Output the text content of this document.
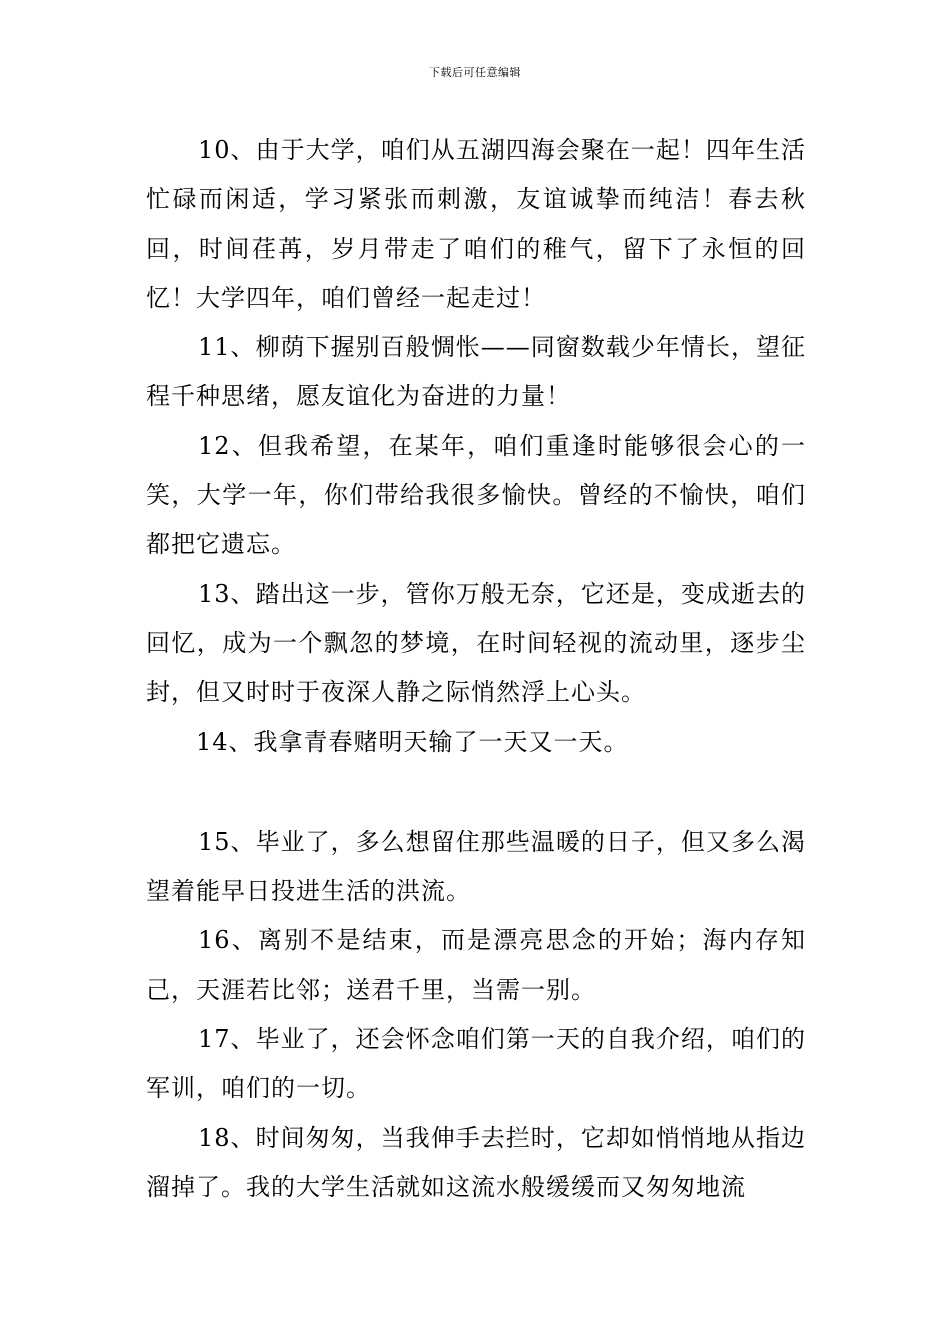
下载后可任意编辑

10、由于大学，咱们从五湖四海会聚在一起！四年生活忙碌而闲适，学习紧张而刺激，友谊诚挚而纯洁！春去秋回，时间荏苒，岁月带走了咱们的稚气，留下了永恒的回忆！大学四年，咱们曾经一起走过！

11、柳荫下握别百般惆怅——同窗数载少年情长，望征程千种思绪，愿友谊化为奋进的力量！

12、但我希望，在某年，咱们重逢时能够很会心的一笑，大学一年，你们带给我很多愉快。曾经的不愉快，咱们都把它遗忘。

13、踏出这一步，管你万般无奈，它还是，变成逝去的回忆，成为一个飘忽的梦境，在时间轻视的流动里，逐步尘封，但又时时于夜深人静之际悄然浮上心头。

14、我拿青春赌明天输了一天又一天。

15、毕业了，多么想留住那些温暖的日子，但又多么渴望着能早日投进生活的洪流。

16、离别不是结束，而是漂亮思念的开始；海内存知己，天涯若比邻；送君千里，当需一别。

17、毕业了，还会怀念咱们第一天的自我介绍，咱们的军训，咱们的一切。

18、时间匆匆，当我伸手去拦时，它却如悄悄地从指边溜掉了。我的大学生活就如这流水般缓缓而又匆匆地流
